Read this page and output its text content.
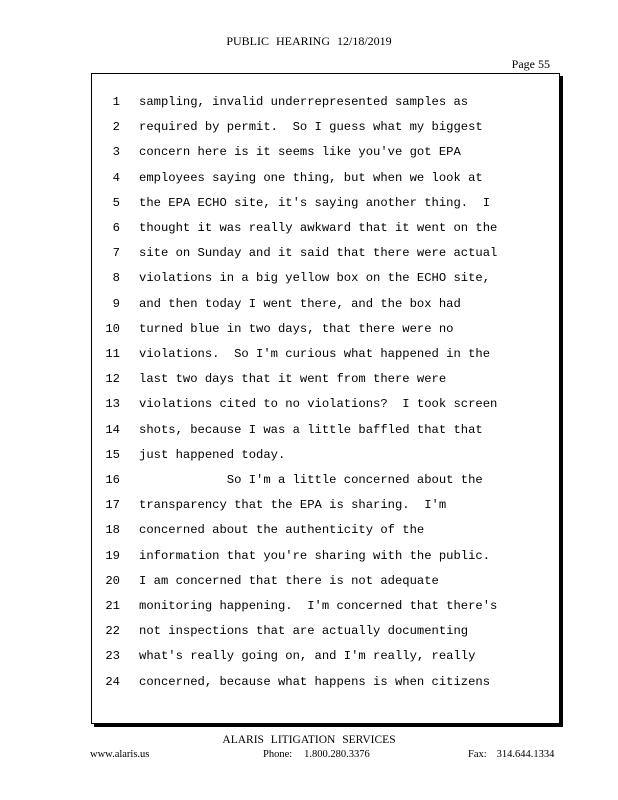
PUBLIC HEARING 12/18/2019
Page 55
1 sampling, invalid underrepresented samples as
2 required by permit.  So I guess what my biggest
3 concern here is it seems like you've got EPA
4 employees saying one thing, but when we look at
5 the EPA ECHO site, it's saying another thing.  I
6 thought it was really awkward that it went on the
7 site on Sunday and it said that there were actual
8 violations in a big yellow box on the ECHO site,
9 and then today I went there, and the box had
10 turned blue in two days, that there were no
11 violations.  So I'm curious what happened in the
12 last two days that it went from there were
13 violations cited to no violations?  I took screen
14 shots, because I was a little baffled that that
15 just happened today.
16 So I'm a little concerned about the
17 transparency that the EPA is sharing.  I'm
18 concerned about the authenticity of the
19 information that you're sharing with the public.
20 I am concerned that there is not adequate
21 monitoring happening.  I'm concerned that there's
22 not inspections that are actually documenting
23 what's really going on, and I'm really, really
24 concerned, because what happens is when citizens
ALARIS LITIGATION SERVICES
www.alaris.us	Phone: 1.800.280.3376	Fax: 314.644.1334
